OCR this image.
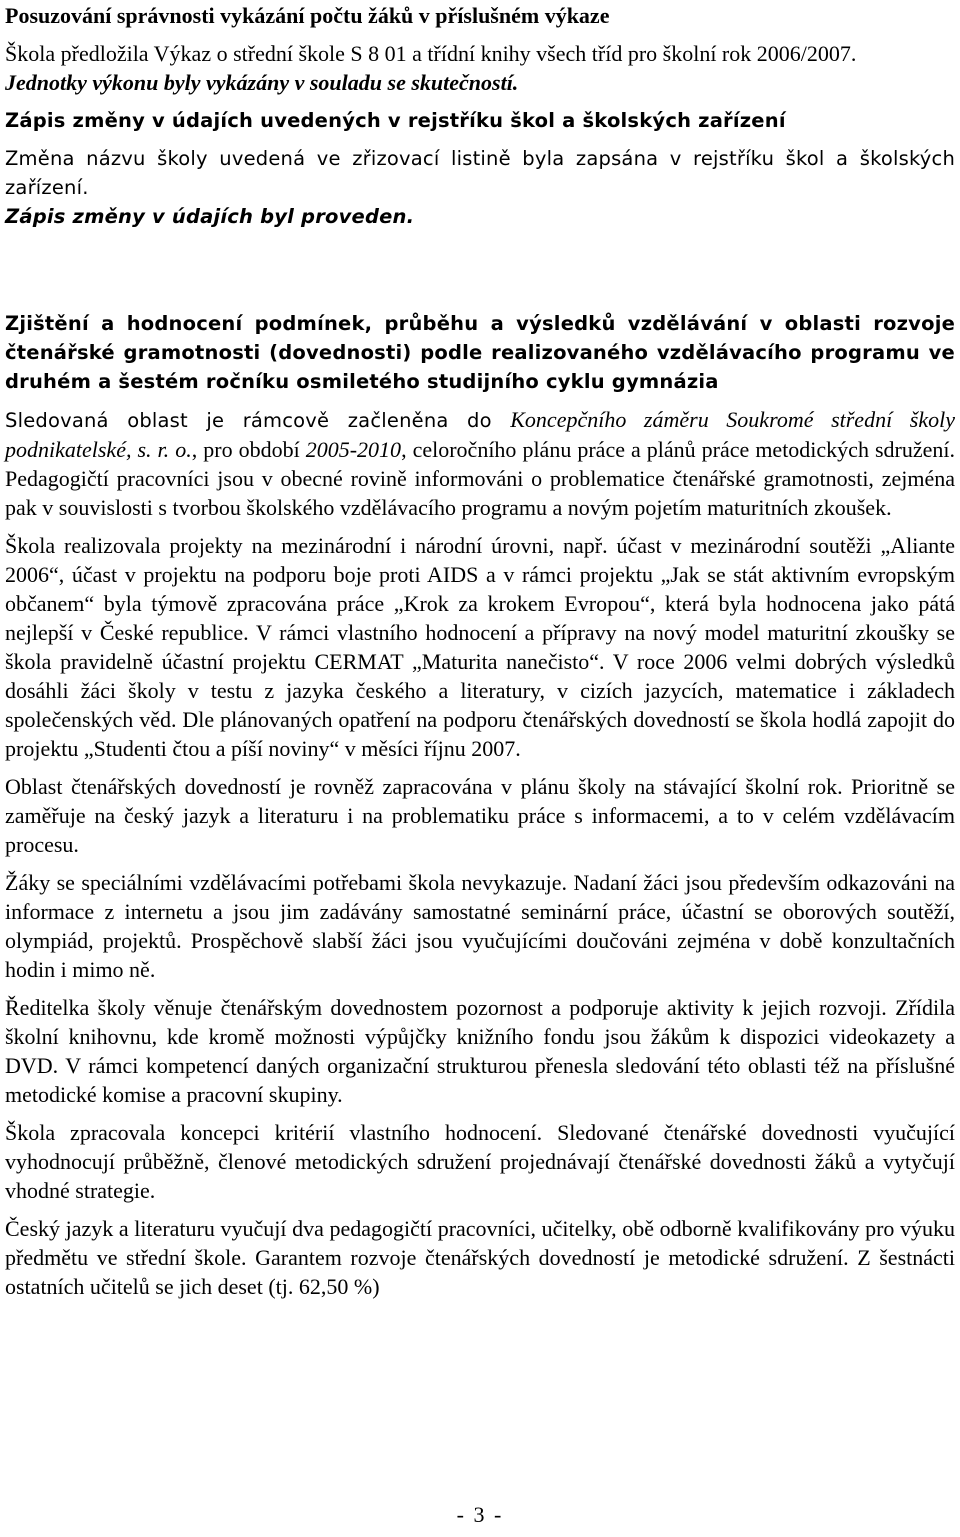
Posuzování správnosti vykázání počtu žáků v příslušném výkaze

Škola předložila Výkaz o střední škole S 8 01 a třídní knihy všech tříd pro školní rok 2006/2007.

Jednotky výkonu byly vykázány v souladu se skutečností.

Zápis změny v údajích uvedených v rejstříku škol a školských zařízení

Změna názvu školy uvedená ve zřizovací listině byla zapsána v rejstříku škol a školských zařízení.

Zápis změny v údajích byl proveden.

Zjištění a hodnocení podmínek, průběhu a výsledků vzdělávání v oblasti rozvoje čtenářské gramotnosti (dovednosti) podle realizovaného vzdělávacího programu ve druhém a šestém ročníku osmiletého studijního cyklu gymnázia

Sledovaná oblast je rámcově začleněna do Koncepčního záměru Soukromé střední školy podnikatelské, s. r. o., pro období 2005-2010, celoročního plánu práce a plánů práce metodických sdružení. Pedagogičtí pracovníci jsou v obecné rovině informováni o problematice čtenářské gramotnosti, zejména pak v souvislosti s tvorbou školského vzdělávacího programu a novým pojetím maturitních zkoušek.

Škola realizovala projekty na mezinárodní i národní úrovni, např. účast v mezinárodní soutěži „Aliante 2006“, účast v projektu na podporu boje proti AIDS a v rámci projektu „Jak se stát aktivním evropským občanem“ byla týmově zpracována práce „Krok za krokem Evropou“, která byla hodnocena jako pátá nejlepší v České republice. V rámci vlastního hodnocení a přípravy na nový model maturitní zkoušky se škola pravidelně účastní projektu CERMAT „Maturita nanečisto“. V roce 2006 velmi dobrých výsledků dosáhli žáci školy v testu z jazyka českého a literatury, v cizích jazycích, matematice i základech společenských věd. Dle plánovaných opatření na podporu čtenářských dovedností se škola hodlá zapojit do projektu „Studenti čtou a píší noviny“ v měsíci říjnu 2007.

Oblast čtenářských dovedností je rovněž zapracována v plánu školy na stávající školní rok. Prioritně se zaměřuje na český jazyk a literaturu i na problematiku práce s informacemi, a to v celém vzdělávacím procesu.

Žáky se speciálními vzdělávacími potřebami škola nevykazuje. Nadaní žáci jsou především odkazováni na informace z internetu a jsou jim zadávány samostatné seminární práce, účastní se oborových soutěží, olympiád, projektů. Prospěchově slabší žáci jsou vyučujícími doučováni zejména v době konzultačních hodin i mimo ně.

Ředitelka školy věnuje čtenářským dovednostem pozornost a podporuje aktivity k jejich rozvoji. Zřídila školní knihovnu, kde kromě možnosti výpůjčky knižního fondu jsou žákům k dispozici videokazety a DVD. V rámci kompetencí daných organizační strukturou přenesla sledování této oblasti též na příslušné metodické komise a pracovní skupiny.

Škola zpracovala koncepci kritérií vlastního hodnocení. Sledované čtenářské dovednosti vyučující vyhodnocují průběžně, členové metodických sdružení projednávají čtenářské dovednosti žáků a vytyčují vhodné strategie.

Český jazyk a literaturu vyučují dva pedagogičtí pracovníci, učitelky, obě odborně kvalifikovány pro výuku předmětu ve střední škole. Garantem rozvoje čtenářských dovedností je metodické sdružení. Z šestnácti ostatních učitelů se jich deset (tj. 62,50 %)

- 3 -
